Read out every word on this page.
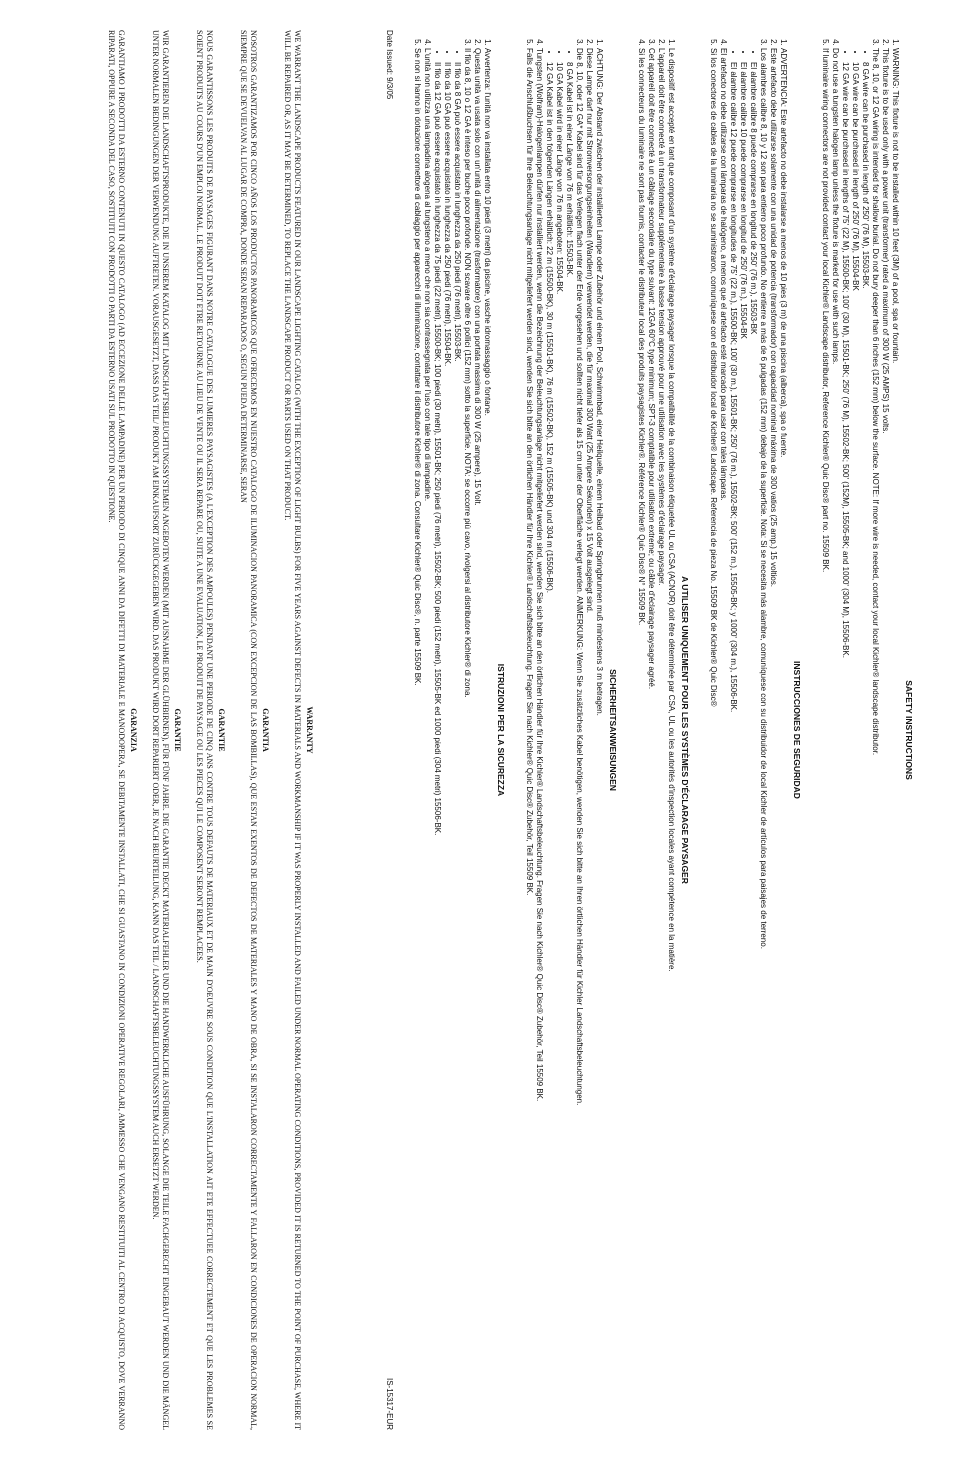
SAFETY INSTRUCTIONS
1. WARNING: This fixture is not to be installed within 10 feet (3M) of a pool, spa or fountain.
2. This fixture is to be used only with a power unit (transformer) rated a maximum of 300 W (25 AMPS) 15 volts.
3. The 8, 10, or 12 GA wiring is intended for shallow burial. Do not bury deeper than 6 inches (152 mm) below the surface. NOTE: If more wire is needed, contact your local Kichler® landscape distributor.
• 8 GA wire can be purchased in length of 250' (76 M), 15503-BK.
• 10 GA wire can be purchased in length of 250' (76 M), 15504-BK
• 12 GA wire can be purchased in lengths of 75' (22 M), 15500-BK; 100' (30 M), 15501-BK; 250' (76 M), 15502-BK; 500' (152M), 15505-BK; and 1000' (304 M), 15506-BK.
4. Do not use a tungsten halogen lamp unless the fixture is marked for use with such lamps.
5. If luminaire wiring connectors are not provided contact your local Kichler® Landscape distributor, Reference Kichler® Quic Disc® part no. 15509 BK.
INSTRUCCIONES DE SEGURIDAD
1. ADVERTENCIA: Este artefacto no debe instalarse a menos de 10 pies (3 m) de una piscina (alberca), spa o fuente.
2. Este artefacto debe utilizarse solamente con una unidad de potencia (transformador) con capacidad nominal máxima de 300 vatios (25 amp.) 15 voltios.
3. Los alambres calibre 8, 10 y 12 son para entierro poco profundo. No entierre a más de 6 pulgadas (152 mm) debajo de la superficie. Nota: Si se necesita más alambre, comuníquese con su distribuidor de local Kichler de artículos para paisajes de terreno.
• El alambre calibre 8 puede comprarse en longitud de 250' (76 m.), 15503-BK
• El alambre calibre 10 puede comprarse en longitud de 250' (76 m.), 15504-BK
• El alambre calibre 12 puede comprarse en longitudes de 75' (22 m.), 15500-BK; 100' (30 m.), 15501-BK; 250' (76 m.), 15502-BK; 500' (152 m.), 15505-BK; y 1000' (304 m.), 15506-BK.
4. El artefacto no debe utilizarse con lámparas de halógeno, a menos que el artefacto esté marcado para usar con tales lámparas.
5. Si los conectores de cables de la luminaria no se suministraron, comuníquese con el distribuidor local de Kichler® Landscape. Referencia de pieza No. 15509 BK de Kichler® Quic Disc®
A UTILISER UNIQUEMENT POUR LES SYSTÈMES D'ÉCLARAGE PAYSAGER
1. Le dispositif est accepté en tant que composant d'un système d'éclairage paysager lorsque la compatibilité de la combinaison étiquetée UL ou CSA (ACNOR) doit être déterminée par CSA, UL ou les autorités d'inspection locales ayant compétence en la matière.
2. L'appareil doit être connecté à un transformateur supplémentaire à basse tension approuvé pour une utilisation avec les systèmes d'éclairage paysager.
3. Cet appareil doit être connecté à un câblage secondaire du type suivant: 12GA 60°C type minimum; SPT-3 comptatible pour utilisation extreme; ou câble d'éclairage paysager agréé.
4. Si les connecteurs du luminaire ne sont pas fournis, contacter le distributeur local des produits paysagistes Kichler®. Référence Kichler® Quic Disc® N° 15509 BK.
SICHERHEITSANWEISUNGEN
1. ACHTUNG: Der Abstand zwischen der installierten Lampe oder Zubehör und einem Pool, Schwimmbad, einer Heilquelle, einem Heilbad oder Springbrunnen muß mindestens 3 m betragen.
2. Diese Lampe darf nur mit Stromversorgungseinheiten (Wandlern) verwendet werden, die für maximal 300 Watt (25 Ampere Sekunden) x 15 Volt ausgelegt sind.
3. Die 8, 10, oder 12 GA* Kabel sind für das Verlegen flach unter der Erde vorgesehen und sollten nicht tiefer als 15 cm unter der Oberfläche verlegt werden. ANMERKUNG: Wenn Sie zusätzliches Kabel benötigen, wenden Sie sich bitte an Ihren örtlichen Händler für Kichler Landschaftsbeleuchtungen.
• 8 GA Kabel ist in einer Länge von 76 m erhältlich: 15503-BK.
• 10 GA Kabel wird in einer Länge von 76 m angeboten: 15504-BK.
• 12 GA Kabel ist in den folgenden Längen erhältlich: 22 m (15500-BK), 30 m (15501-BK), 76 m (15502-BK), 152 m (15505-BK) und 304 m (15506-BK).
4. Tungsten (Wolfram)-Halogenlampen dürfen nur installiert werden, wenn die Bezeichnung der Beleuchtungsanlage nicht mitgeliefert werden sind, wenden Sie sich bitte an den örtlichen Händler für Ihre Kichler® Landschaftsbeleuchtung. Fragen Sie nach Kichler® Quic Disc® Zubehör, Teil 15509 BK.
5. Falls die Anschlußbuchsen für Ihre Beleuchtungsanlage nicht mitgeliefert werden sind, wenden Sie sich bitte an den örtlichen Händler für Ihre Kichler® Landschaftsbeleuchtung. Fragen Sie nach Kichler® Quic Disc® Zubehör, Teil 15509 BK.
ISTRUZIONI PER LA SICUREZZA
1. Avvertenza: l'unità non va installata entro 10 piedi (3 metri) da piscine, vasche idromassaggio o fontane.
2. Questa unità va usata solo con un'unità di alimentazione (trasformatore) con una portata massima di 300 W (25 ampere), 15 Volt.
3. Il filo da 8, 10 o 12 GA è inteso per buche poco profonde. NON scavare oltre 6 pollici (152 mm) sotto la superficie. NOTA: se occorre più cavo, rivolgersi al distributore Kichler® di zona.
• Il filo da 8 GA può essere acquistato in lunghezza da 250 piedi (76 metri), 15503-BK.
• Il filo da 10 GA può essere acquistato in lunghezza da 250 piedi (76 metri), 15504-BK.
• Il filo da 12 GA può essere acquistato in lunghezza da 75 piedi (22 metri), 15500-BK; 100 piedi (30 metri), 15501-BK; 250 piedi (76 metri), 15502-BK; 500 piedi (152 metri), 15505-BK ed 1000 piedi (304 metri) 15506-BK.
4. L'unità non utilizza una lampadina alogena al tungsteno a meno che non sia contrassegnata per l'uso con tale tipo di lampadine.
5. Se non si hanno in dotazione connettore di cablaggio per apparecchi di illuminazione, contattare il distributore Kichler® di zona. Consultare Kichler® Quic Disc®, n. parte 15509 BK.
Date Issued: 9/3/05
IS-15317-EUR
WARRANTY

WE WARRANT THE LANDSCAPE PRODUCTS FEATURED IN OUR LANDSCAPE LIGHTING CATALOG (WITH THE EXCEPTION OF LIGHT BULBS) FOR FIVE YEARS AGAINST DEFECTS IN MATERIALS AND WORKMANSHIP IF IT WAS PROPERLY INSTALLED AND FAILED UNDER NORMAL OPERATING CONDITIONS, PROVIDED IT IS RETURNED TO THE POINT OF PURCHASE, WHERE IT WILL BE REPAIRED OR, AS IT MAY BE DETERMINED, TO REPLACE THE LANDSCAPE PRODUCT OR PARTS USED ON THAT PRODUCT.

GARANTIA

NOSOTROS GARANTIZAMOS POR CINCO AÑOS LOS PRODUCTOS PANORAMICOS QUE OFRECEMOS EN NUESTRO CATALOGO DE ILUMINACION PANORAMICA (CON EXCEPCION DE LAS BOMBILLAS), QUE ESTAN EXENTOS DE DEFECTOS DE MATERIALES Y MANO DE OBRA, SI SE INSTALARON CORRECTAMENTE Y FALLARON EN CONDICIONES DE OPERACION NORMAL, SIEMPRE QUE SE DEVUELVAN AL LUGAR DE COMPRA, DONDE SERAN REPARADOS O, SEGUN PUEDA DETERMINARSE, SERAN

GARANTIE

NOUS GARANTISSONS LES PRODUITS DE PAYSAGES FIGURANT DANS NOTRE CATALOGUE DES LUMIERES PAYSAGISTES (A L'EXCEPTION DES AMPOULES) PENDANT UNE PERIODE DE CINQ ANS CONTRE TOUS DEFAUTS DE MATERIAUX ET DE MAIN D'OEUVRE SOUS CONDITION QUE L'INSTALLATION AIT ETE EFFECTUEE CORRECTEMENT ET QUE LES PROBLEMES SE SOIENT PRODUITS AU COURS D'UN EMPLOI NORMAL. LE PRODUIT DOIT ETRE RETOURNE AU LIEU DE VENTE OU IL SERA REPARE OU, SUITE A UNE EVALUATION, LE PRODUIT DE PAYSAGE OU LES PIECES QUI LE COMPOSENT SERONT REMPLACEES.

GARANTIE

WIR GARANTIEREN DIE LANDSCHAFTSPRODUKTE, DIE IN UNSEREM KATALOG MIT LANDSCHAFTSBELEUCHTUNGSSYSTEMEN ANGEBOTEN WERDEN (MIT AUSNAHME DER GLÜHBIRNEN), FÜR FÜNF JAHRE. DIE GARANTIE DECKT MATERIALFEHLER UND DIE HANDWERKLICHE AUSFÜHRUNG, SOLANGE DIE TEILE FACHGERECHT EINGEBAUT WERDEN UND DIE MÄNGEL UNTER NORMALEN BEDINGUNGEN DER VERWENDUNG AUFTRETEN. VORAUSGESETZT, DASS DAS TEIL/ PRODUKT AM EINKAUFSORT ZURÜCKGEGEBEN WIRD. DAS PRODUKT WIRD DORT REPARIERT ODER, JE NACH BEURTEILUNG, KANN DAS TEIL / LANDSCHAFTSBELEUCHTUNGSSYSTEM AUCH ERSETZT WERDEN.

GARANZIA

GARANTIAMO I PRODOTTI DA ESTERNO CONTENUTI IN QUESTO CATALOGO (AD ECCEZIONE DELLE LAMPADINE) PER UN PERIODO DI CINQUE ANNI DA DIFETTI DI MATERIALE E MANODOPERA, SE DEBITAMENTE INSTALLATI, CHE SI GUASTANO IN CONDIZIONI OPERATIVE REGOLARI, AMMESSO CHE VENGANO RESTITUITI AL CENTRO DI ACQUISTO, DOVE VERRANNO RIPARATI, OPPURE A SECONDA DEL CASO, SOSTITUITI CON PRODOTTI O PARTI DA ESTERNO USATI SUL PRODOTTO IN QUESTIONE.
